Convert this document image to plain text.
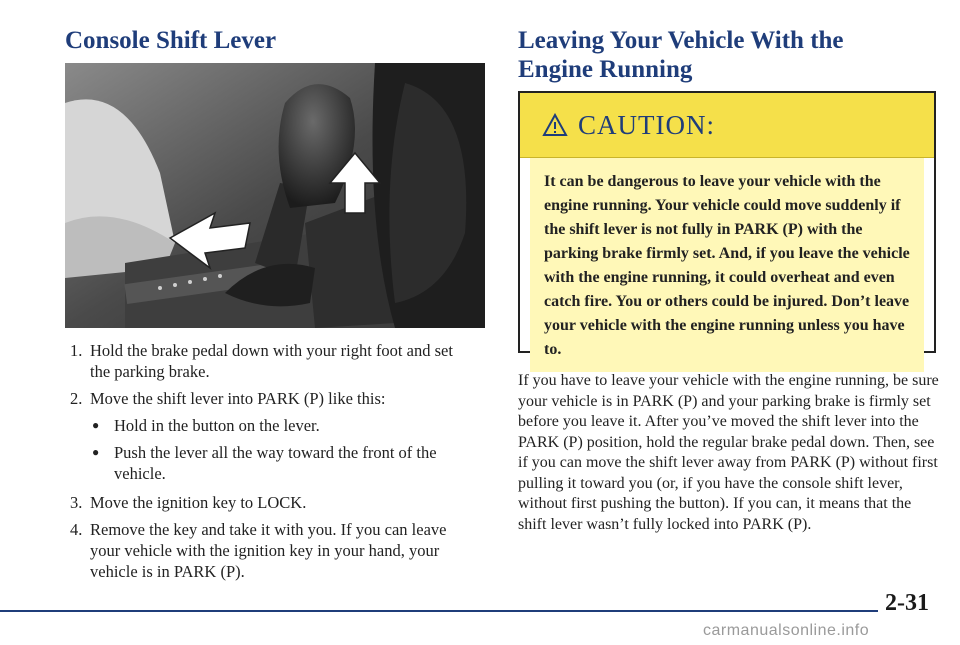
Console Shift Lever
1. Hold the brake pedal down with your right foot and set the parking brake.
2. Move the shift lever into PARK (P) like this:
● Hold in the button on the lever.
● Push the lever all the way toward the front of the vehicle.
3. Move the ignition key to LOCK.
4. Remove the key and take it with you. If you can leave your vehicle with the ignition key in your hand, your vehicle is in PARK (P).
Leaving Your Vehicle With the
Engine Running
CAUTION:
It can be dangerous to leave your vehicle with the engine running. Your vehicle could move suddenly if the shift lever is not fully in PARK (P) with the parking brake firmly set. And, if you leave the vehicle with the engine running, it could overheat and even catch fire. You or others could be injured. Don’t leave your vehicle with the engine running unless you have to.
If you have to leave your vehicle with the engine running, be sure your vehicle is in PARK (P) and your parking brake is firmly set before you leave it. After you’ve moved the shift lever into the PARK (P) position, hold the regular brake pedal down. Then, see if you can move the shift lever away from PARK (P) without first pulling it toward you (or, if you have the console shift lever, without first pushing the button). If you can, it means that the shift lever wasn’t fully locked into PARK (P).
2-31
carmanualsonline.info
